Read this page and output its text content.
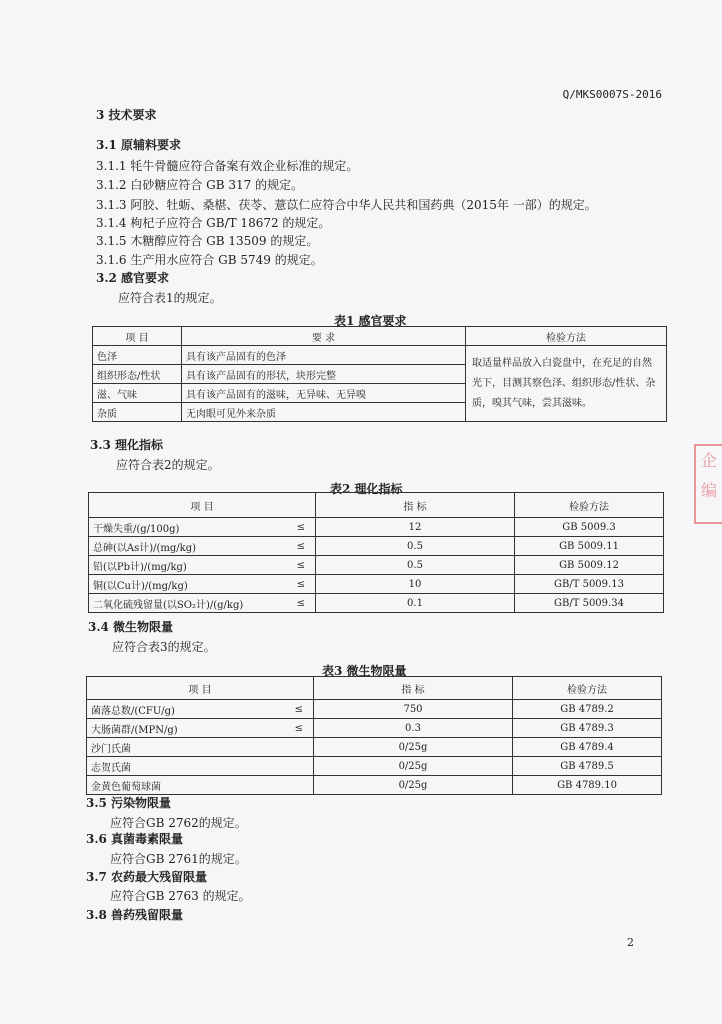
Q/MKS0007S-2016
3 技术要求
3.1 原辅料要求
3.1.1 牦牛骨髓应符合备案有效企业标准的规定。
3.1.2 白砂糖应符合 GB 317 的规定。
3.1.3 阿胶、牡蛎、桑椹、茯苓、薏苡仁应符合中华人民共和国药典（2015年 一部）的规定。
3.1.4 枸杞子应符合 GB/T 18672 的规定。
3.1.5 木糖醇应符合 GB 13509 的规定。
3.1.6 生产用水应符合 GB 5749 的规定。
3.2 感官要求
应符合表1的规定。
表1 感官要求
项 目	要 求	检验方法
色泽	具有该产品固有的色泽	取适量样品放入白瓷盘中，在充足的自然光下，目测其察色泽、组织形态/性状、杂质，嗅其气味，尝其滋味。
组织形态/性状	具有该产品固有的形状，块形完整	
滋、气味	具有该产品固有的滋味，无异味、无异嗅	
杂质	无肉眼可见外来杂质	
3.3 理化指标
应符合表2的规定。
表2 理化指标
项 目		指 标	检验方法
干燥失重/(g/100g)	≤	12	GB 5009.3
总砷(以As计)/(mg/kg)	≤	0.5	GB 5009.11
铅(以Pb计)/(mg/kg)	≤	0.5	GB 5009.12
铜(以Cu计)/(mg/kg)	≤	10	GB/T 5009.13
二氧化硫残留量(以SO₂计)/(g/kg)	≤	0.1	GB/T 5009.34
3.4 微生物限量
应符合表3的规定。
表3 微生物限量
项 目		指 标	检验方法
菌落总数/(CFU/g)	≤	750	GB 4789.2
大肠菌群/(MPN/g)	≤	0.3	GB 4789.3
沙门氏菌		0/25g	GB 4789.4
志贺氏菌		0/25g	GB 4789.5
金黄色葡萄球菌		0/25g	GB 4789.10
3.5 污染物限量
应符合GB 2762的规定。
3.6 真菌毒素限量
应符合GB 2761的规定。
3.7 农药最大残留限量
应符合GB 2763 的规定。
3.8 兽药残留限量
2
企
编
